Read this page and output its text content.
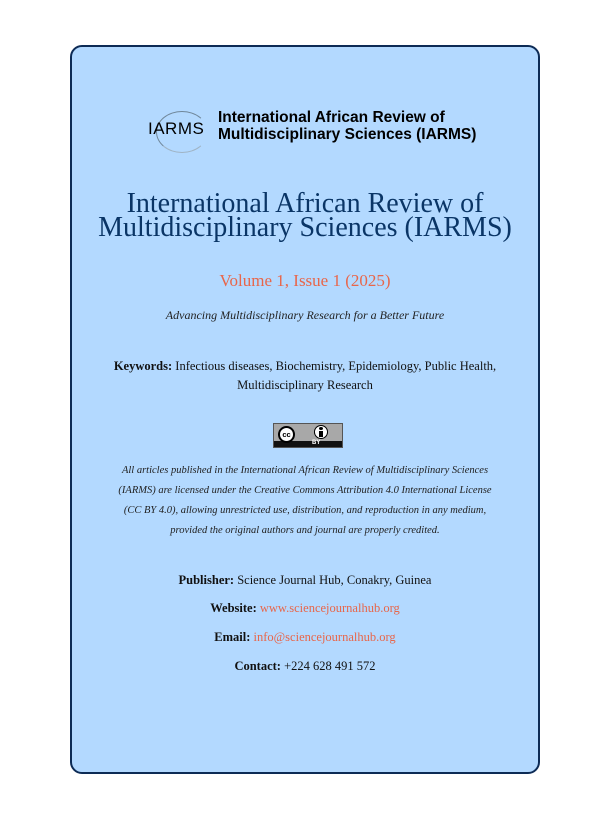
IARMS
International African Review of
Multidisciplinary Sciences (IARMS)
International African Review of
Multidisciplinary Sciences (IARMS)
Volume 1, Issue 1 (2025)
Advancing Multidisciplinary Research for a Better Future
Keywords: Infectious diseases, Biochemistry, Epidemiology, Public Health,
Multidisciplinary Research
cc
BY
All articles published in the International African Review of Multidisciplinary Sciences
(IARMS) are licensed under the Creative Commons Attribution 4.0 International License
(CC BY 4.0), allowing unrestricted use, distribution, and reproduction in any medium,
provided the original authors and journal are properly credited.
Publisher: Science Journal Hub, Conakry, Guinea
Website: www.sciencejournalhub.org
Email: info@sciencejournalhub.org
Contact: +224 628 491 572
